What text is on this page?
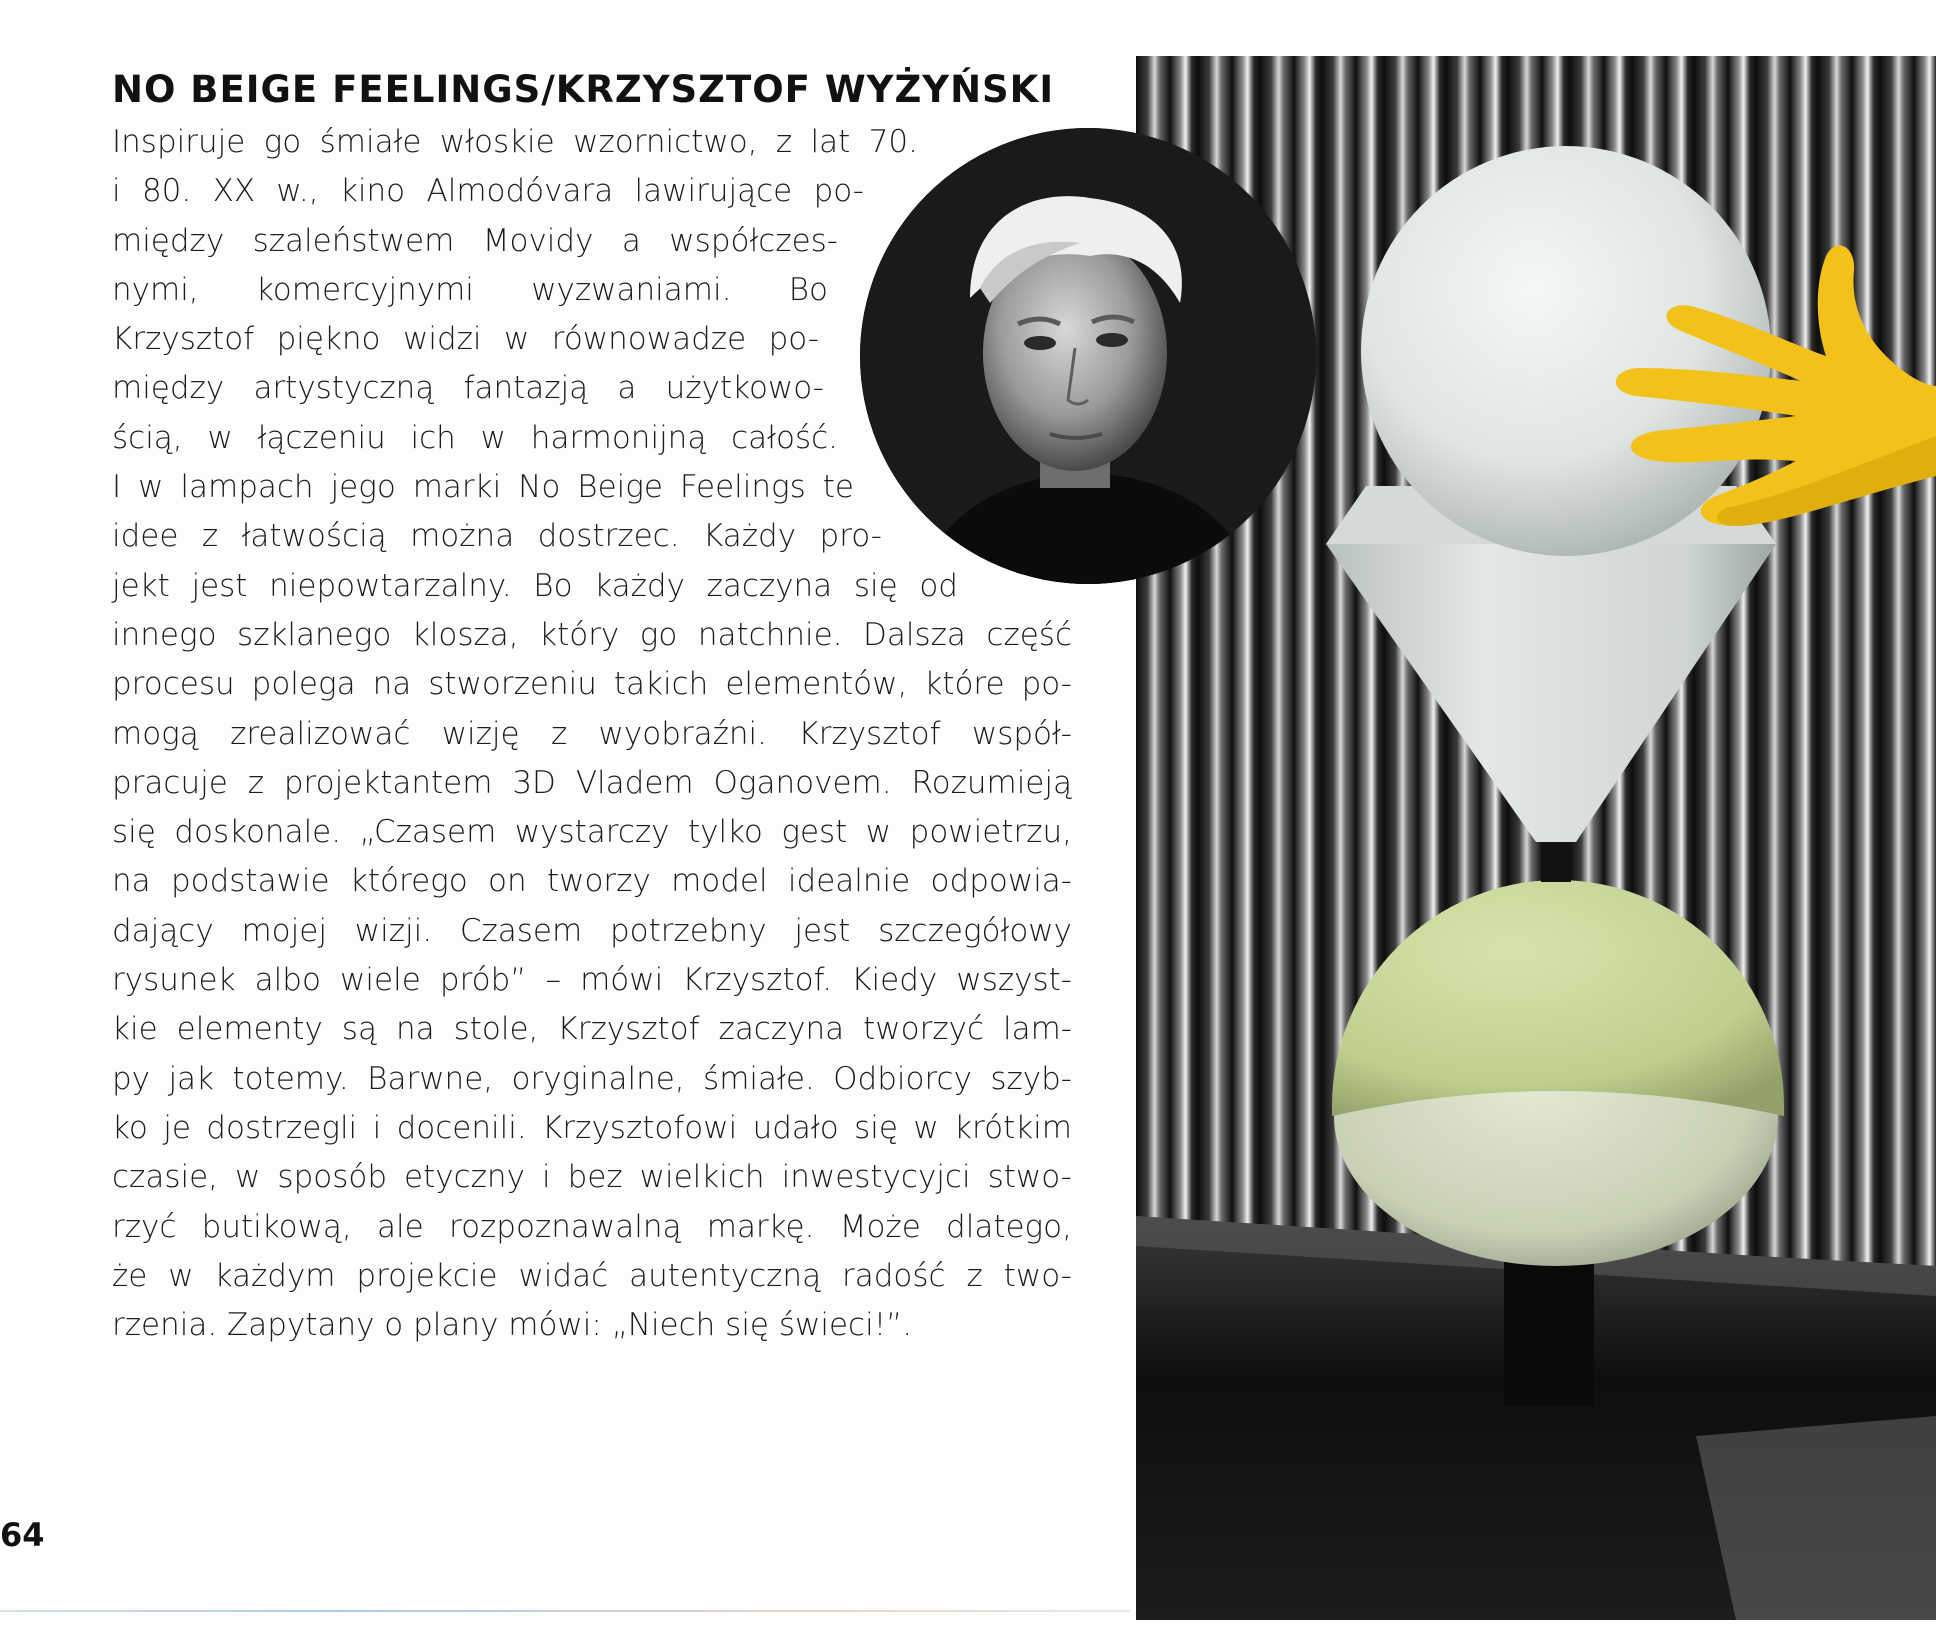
NO BEIGE FEELINGS/KRZYSZTOF WYŻYŃSKI
Inspiruje go śmiałe włoskie wzornictwo, z lat 70.
i 80. XX w., kino Almodóvara lawirujące po-
między szaleństwem Movidy a współczes-
nymi, komercyjnymi wyzwaniami. Bo
Krzysztof piękno widzi w równowadze po-
między artystyczną fantazją a użytkowo-
ścią, w łączeniu ich w harmonijną całość.
I w lampach jego marki No Beige Feelings te
idee z łatwością można dostrzec. Każdy pro-
jekt jest niepowtarzalny. Bo każdy zaczyna się od
innego szklanego klosza, który go natchnie. Dalsza część
procesu polega na stworzeniu takich elementów, które po-
mogą zrealizować wizję z wyobraźni. Krzysztof współ-
pracuje z projektantem 3D Vladem Oganovem. Rozumieją
się doskonale. „Czasem wystarczy tylko gest w powietrzu,
na podstawie którego on tworzy model idealnie odpowia-
dający mojej wizji. Czasem potrzebny jest szczegółowy
rysunek albo wiele prób” – mówi Krzysztof. Kiedy wszyst-
kie elementy są na stole, Krzysztof zaczyna tworzyć lam-
py jak totemy. Barwne, oryginalne, śmiałe. Odbiorcy szyb-
ko je dostrzegli i docenili. Krzysztofowi udało się w krótkim
czasie, w sposób etyczny i bez wielkich inwestycyjci stwo-
rzyć butikową, ale rozpoznawalną markę. Może dlatego,
że w każdym projekcie widać autentyczną radość z two-
rzenia. Zapytany o plany mówi: „Niech się świeci!”.
64
